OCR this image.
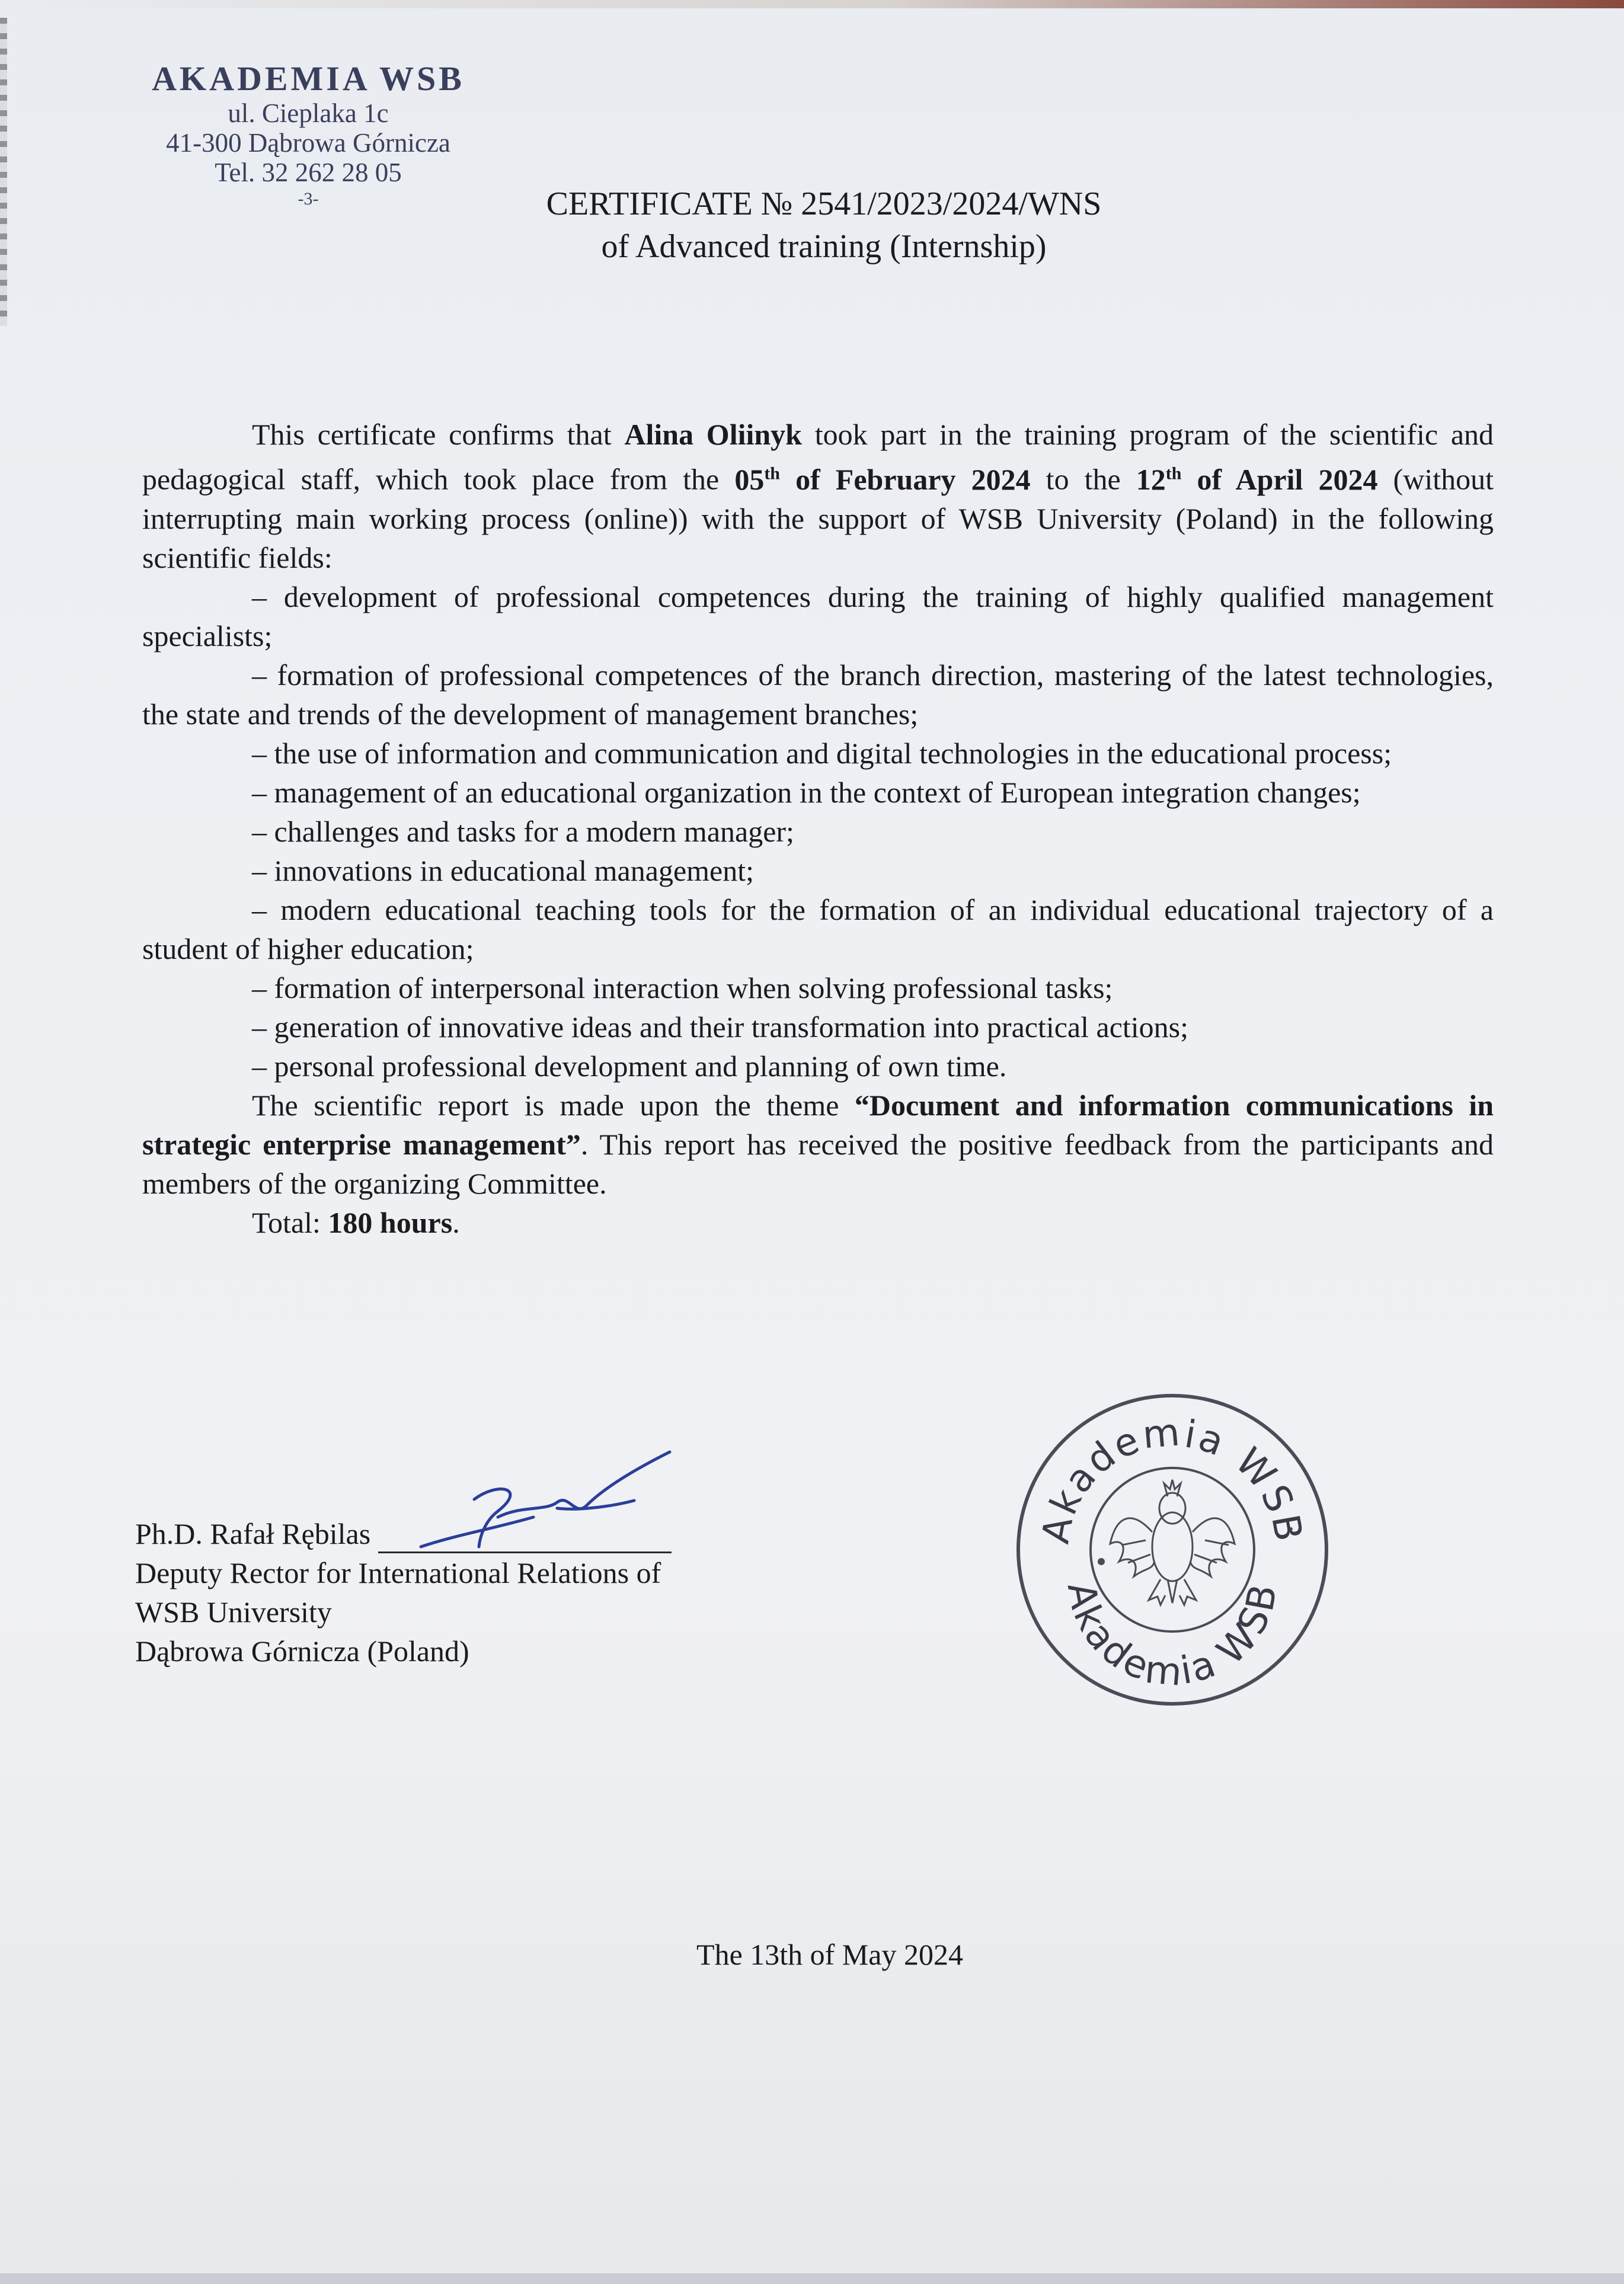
AKADEMIA WSB
ul. Cieplaka 1c
41-300 Dąbrowa Górnicza
Tel. 32 262 28 05
-3-	CERTIFICATE № 2541/2023/2024/WNS
of Advanced training (Internship)

This certificate confirms that Alina Oliinyk took part in the training program of the scientific and pedagogical staff, which took place from the 05th of February 2024 to the 12th of April 2024 (without interrupting main working process (online)) with the support of WSB University (Poland) in the following scientific fields:

– development of professional competences during the training of highly qualified management specialists;

– formation of professional competences of the branch direction, mastering of the latest technologies, the state and trends of the development of management branches;

– the use of information and communication and digital technologies in the educational process;

– management of an educational organization in the context of European integration changes;

– challenges and tasks for a modern manager;

– innovations in educational management;

– modern educational teaching tools for the formation of an individual educational trajectory of a student of higher education;

– formation of interpersonal interaction when solving professional tasks;

– generation of innovative ideas and their transformation into practical actions;

– personal professional development and planning of own time.

The scientific report is made upon the theme “Document and information communications in strategic enterprise management”. This report has received the positive feedback from the participants and members of the organizing Committee.

Total: 180 hours.

Ph.D. Rafał Rębilas
Deputy Rector for International Relations of
WSB University
Dąbrowa Górnicza (Poland)
Akademia WSB
Akademia WSB
The 13th of May 2024
